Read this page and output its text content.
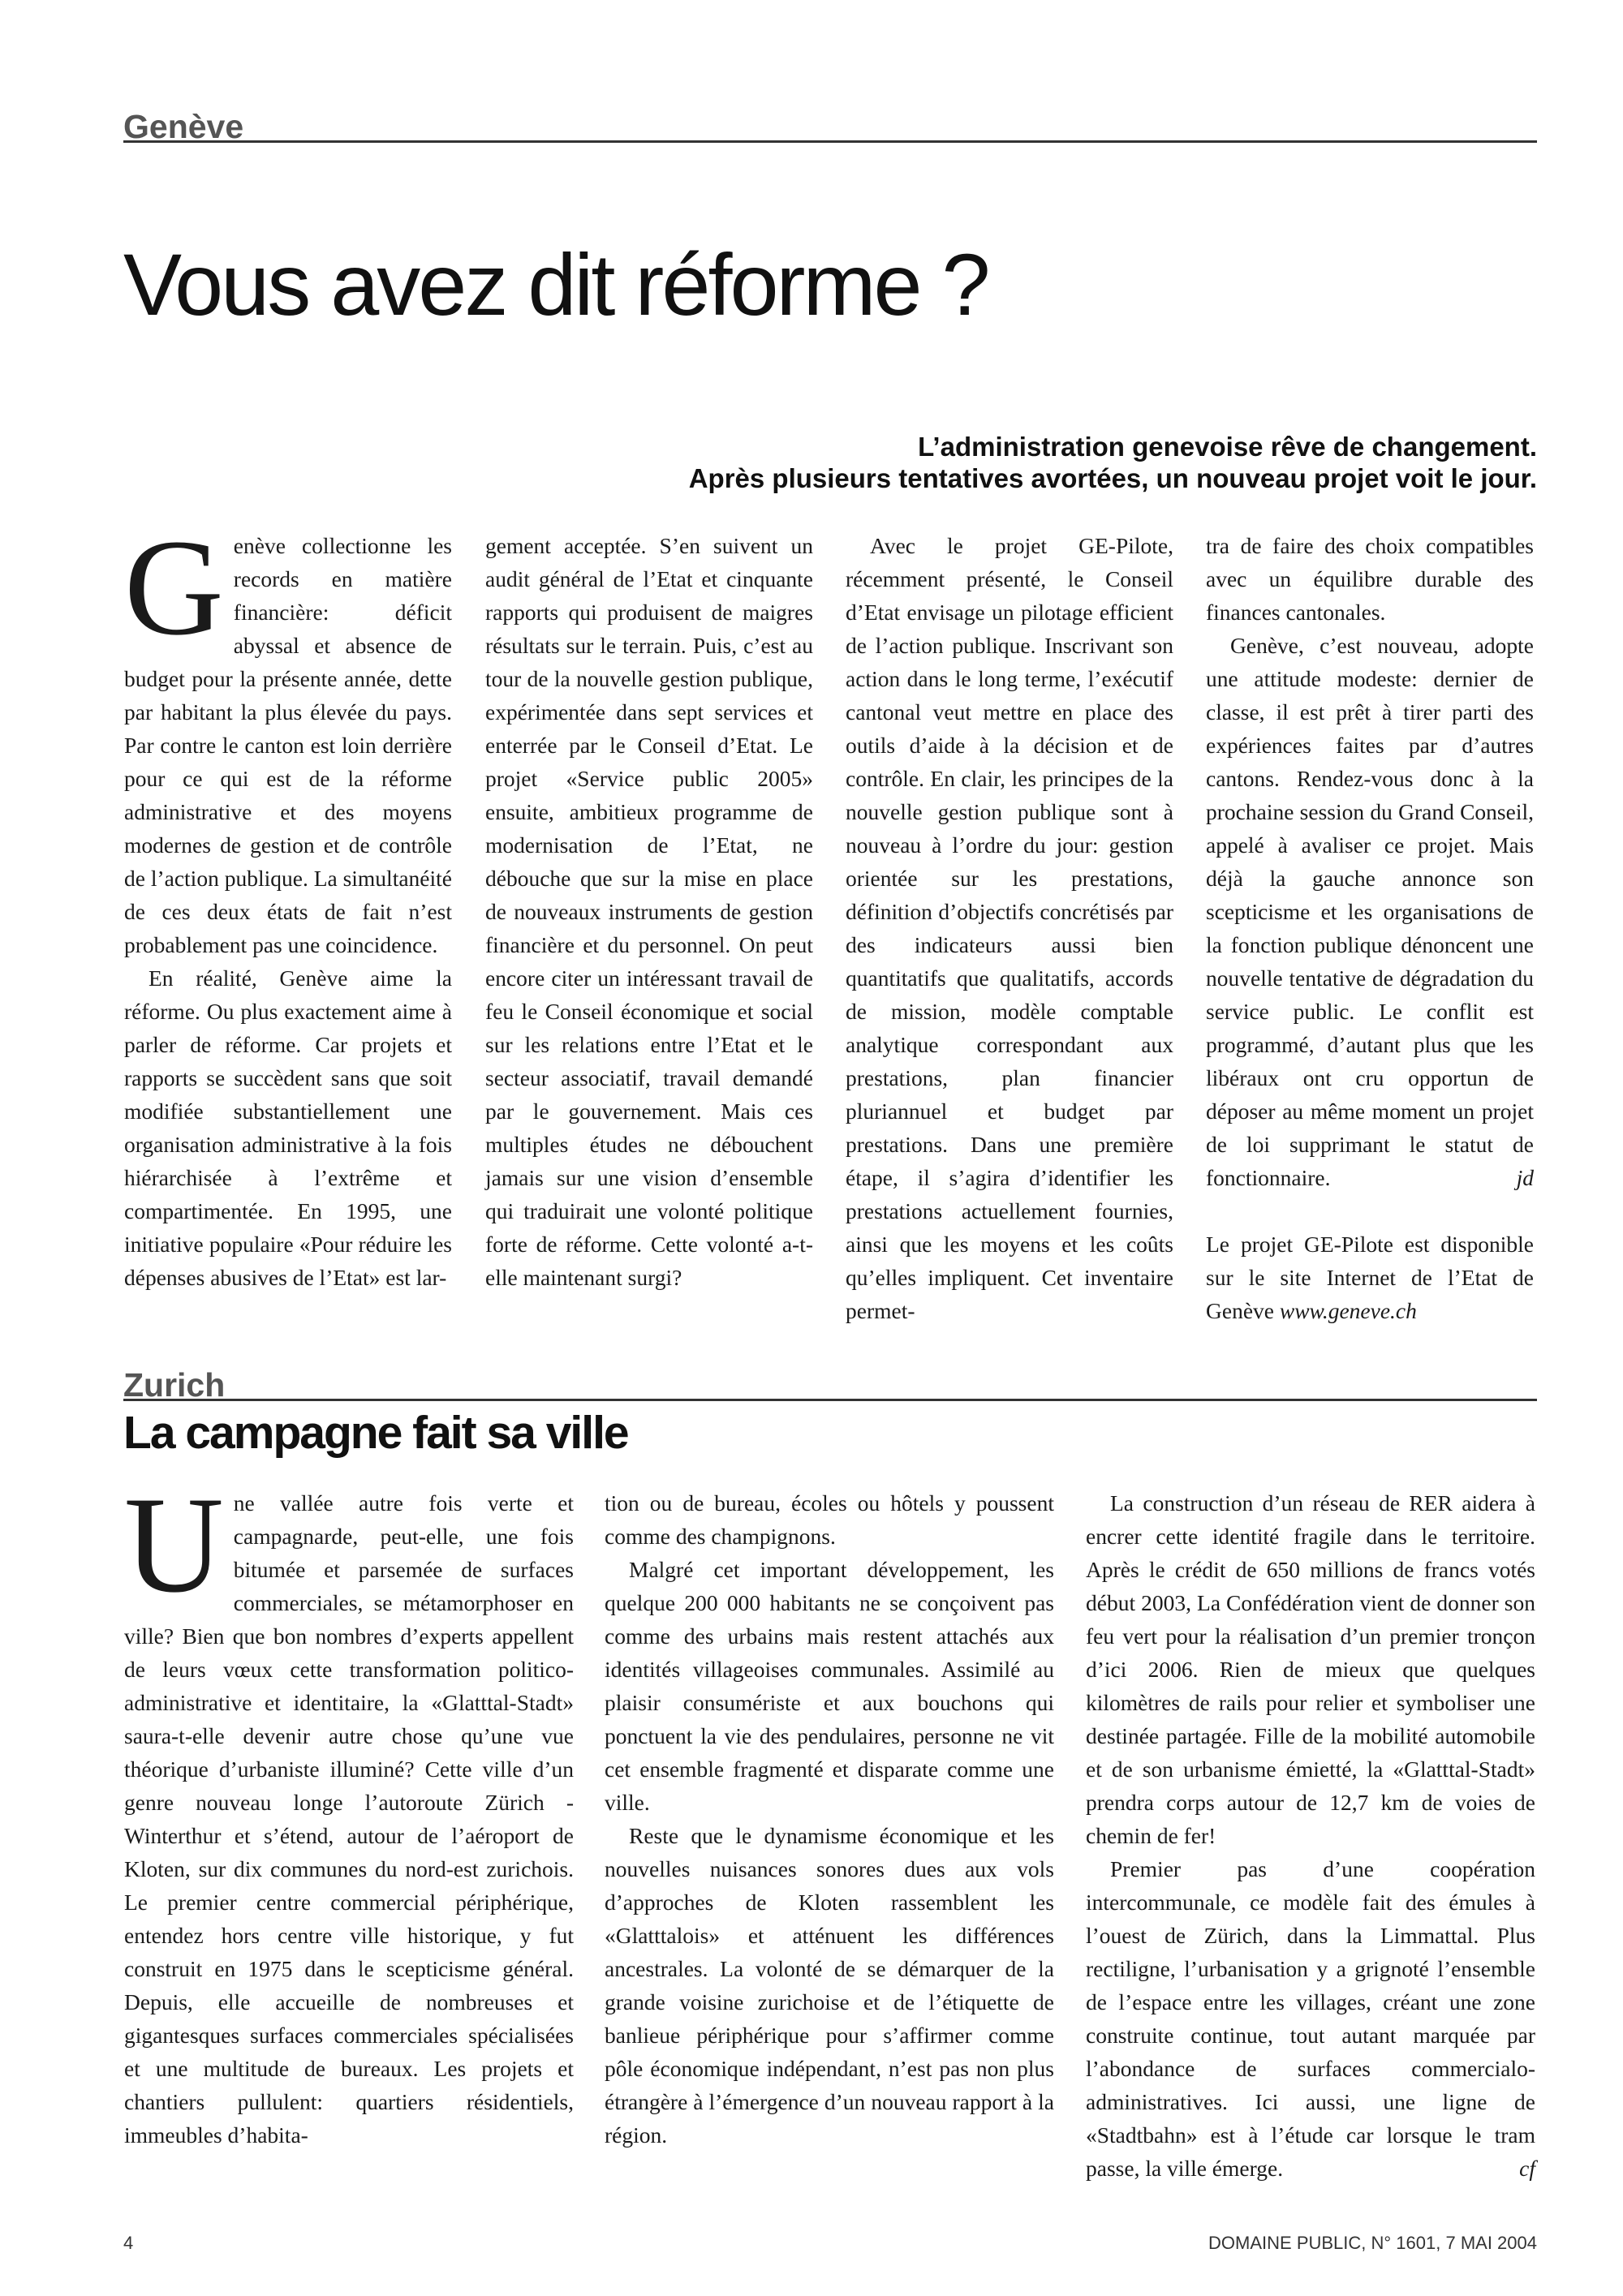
Genève
Vous avez dit réforme ?
L’administration genevoise rêve de changement.
Après plusieurs tentatives avortées, un nouveau projet voit le jour.
G enève collectionne les records en matière financière: déficit abyssal et absence de budget pour la présente année, dette par habitant la plus élevée du pays. Par contre le canton est loin derrière pour ce qui est de la réforme administrative et des moyens modernes de gestion et de contrôle de l’action publique. La simultanéité de ces deux états de fait n’est probablement pas une coincidence.

En réalité, Genève aime la réforme. Ou plus exactement aime à parler de réforme. Car projets et rapports se succèdent sans que soit modifiée substantiellement une organisation administrative à la fois hiérarchisée à l’extrême et compartimentée. En 1995, une initiative populaire «Pour réduire les dépenses abusives de l’Etat» est lar-

gement acceptée. S’en suivent un audit général de l’Etat et cinquante rapports qui produisent de maigres résultats sur le terrain. Puis, c’est au tour de la nouvelle gestion publique, expérimentée dans sept services et enterrée par le Conseil d’Etat. Le projet «Service public 2005» ensuite, ambitieux programme de modernisation de l’Etat, ne débouche que sur la mise en place de nouveaux instruments de gestion financière et du personnel. On peut encore citer un intéressant travail de feu le Conseil économique et social sur les relations entre l’Etat et le secteur associatif, travail demandé par le gouvernement. Mais ces multiples études ne débouchent jamais sur une vision d’ensemble qui traduirait une volonté politique forte de réforme. Cette volonté a-t-elle maintenant surgi?

Avec le projet GE-Pilote, récemment présenté, le Conseil d’Etat envisage un pilotage efficient de l’action publique. Inscrivant son action dans le long terme, l’exécutif cantonal veut mettre en place des outils d’aide à la décision et de contrôle. En clair, les principes de la nouvelle gestion publique sont à nouveau à l’ordre du jour: gestion orientée sur les prestations, définition d’objectifs concrétisés par des indicateurs aussi bien quantitatifs que qualitatifs, accords de mission, modèle comptable analytique correspondant aux prestations, plan financier pluriannuel et budget par prestations. Dans une première étape, il s’agira d’identifier les prestations actuellement fournies, ainsi que les moyens et les coûts qu’elles impliquent. Cet inventaire permet-

tra de faire des choix compatibles avec un équilibre durable des finances cantonales.

Genève, c’est nouveau, adopte une attitude modeste: dernier de classe, il est prêt à tirer parti des expériences faites par d’autres cantons. Rendez-vous donc à la prochaine session du Grand Conseil, appelé à avaliser ce projet. Mais déjà la gauche annonce son scepticisme et les organisations de la fonction publique dénoncent une nouvelle tentative de dégradation du service public. Le conflit est programmé, d’autant plus que les libéraux ont cru opportun de déposer au même moment un projet de loi supprimant le statut de fonctionnaire.	jd

Le projet GE-Pilote est disponible sur le site Internet de l’Etat de Genève www.geneve.ch

Zurich
La campagne fait sa ville
U ne vallée autre fois verte et campagnarde, peut-elle, une fois bitumée et parsemée de surfaces commerciales, se métamorphoser en ville? Bien que bon nombres d’experts appellent de leurs vœux cette transformation politico-administrative et identitaire, la «Glatttal-Stadt» saura-t-elle devenir autre chose qu’une vue théorique d’urbaniste illuminé? Cette ville d’un genre nouveau longe l’autoroute Zürich - Winterthur et s’étend, autour de l’aéroport de Kloten, sur dix communes du nord-est zurichois. Le premier centre commercial périphérique, entendez hors centre ville historique, y fut construit en 1975 dans le scepticisme général. Depuis, elle accueille de nombreuses et gigantesques surfaces commerciales spécialisées et une multitude de bureaux. Les projets et chantiers pullulent: quartiers résidentiels, immeubles d’habita-

tion ou de bureau, écoles ou hôtels y poussent comme des champignons.

Malgré cet important développement, les quelque 200 000 habitants ne se conçoivent pas comme des urbains mais restent attachés aux identités villageoises communales. Assimilé au plaisir consumériste et aux bouchons qui ponctuent la vie des pendulaires, personne ne vit cet ensemble fragmenté et disparate comme une ville.

Reste que le dynamisme économique et les nouvelles nuisances sonores dues aux vols d’approches de Kloten rassemblent les «Glatttalois» et atténuent les différences ancestrales. La volonté de se démarquer de la grande voisine zurichoise et de l’étiquette de banlieue périphérique pour s’affirmer comme pôle économique indépendant, n’est pas non plus étrangère à l’émergence d’un nouveau rapport à la région.

La construction d’un réseau de RER aidera à encrer cette identité fragile dans le territoire. Après le crédit de 650 millions de francs votés début 2003, La Confédération vient de donner son feu vert pour la réalisation d’un premier tronçon d’ici 2006. Rien de mieux que quelques kilomètres de rails pour relier et symboliser une destinée partagée. Fille de la mobilité automobile et de son urbanisme émietté, la «Glatttal-Stadt» prendra corps autour de 12,7 km de voies de chemin de fer!

Premier pas d’une coopération intercommunale, ce modèle fait des émules à l’ouest de Zürich, dans la Limmattal. Plus rectiligne, l’urbanisation y a grignoté l’ensemble de l’espace entre les villages, créant une zone construite continue, tout autant marquée par l’abondance de surfaces commercialo-administratives. Ici aussi, une ligne de «Stadtbahn» est à l’étude car lorsque le tram passe, la ville émerge.	cf

4	DOMAINE PUBLIC, N° 1601, 7 MAI 2004
